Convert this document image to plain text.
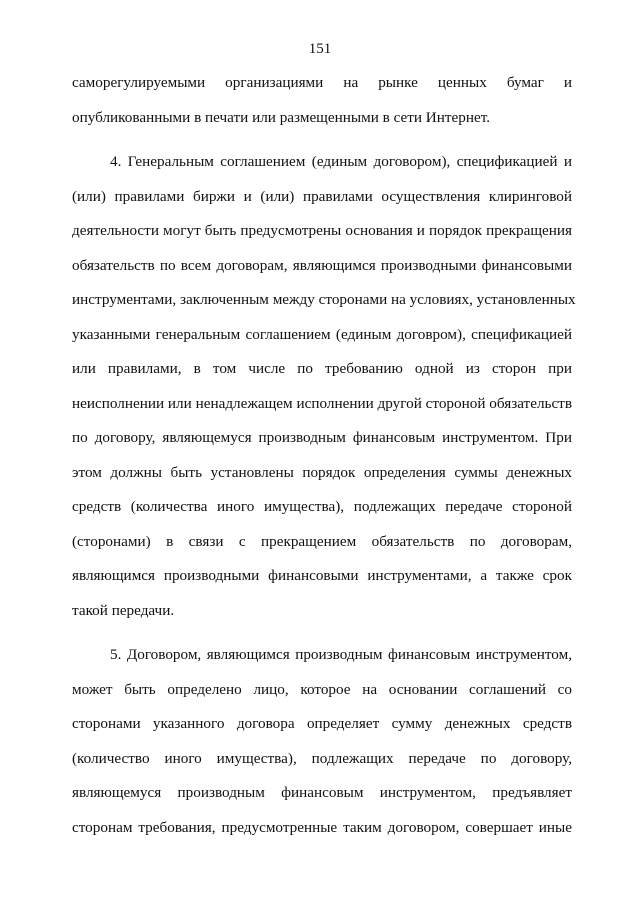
151
саморегулируемыми организациями на рынке ценных бумаг и
опубликованными в печати или размещенными в сети Интернет.
4. Генеральным соглашением (единым договором), спецификацией и
(или) правилами биржи и (или) правилами осуществления клиринговой
деятельности могут быть предусмотрены основания и порядок прекращения
обязательств по всем договорам, являющимся производными финансовыми
инструментами, заключенным между сторонами на условиях, установленных
указанными генеральным соглашением (единым договром), спецификацией
или правилами, в том числе по требованию одной из сторон при
неисполнении или ненадлежащем исполнении другой стороной обязательств
по договору, являющемуся производным финансовым инструментом. При
этом должны быть установлены порядок определения суммы денежных
средств (количества иного имущества), подлежащих передаче стороной
(сторонами) в связи с прекращением обязательств по договорам,
являющимся производными финансовыми инструментами, а также срок
такой передачи.
5. Договором, являющимся производным финансовым инструментом,
может быть определено лицо, которое на основании соглашений со
сторонами указанного договора определяет сумму денежных средств
(количество иного имущества), подлежащих передаче по договору,
являющемуся производным финансовым инструментом, предъявляет
сторонам требования, предусмотренные таким договором, совершает иные
